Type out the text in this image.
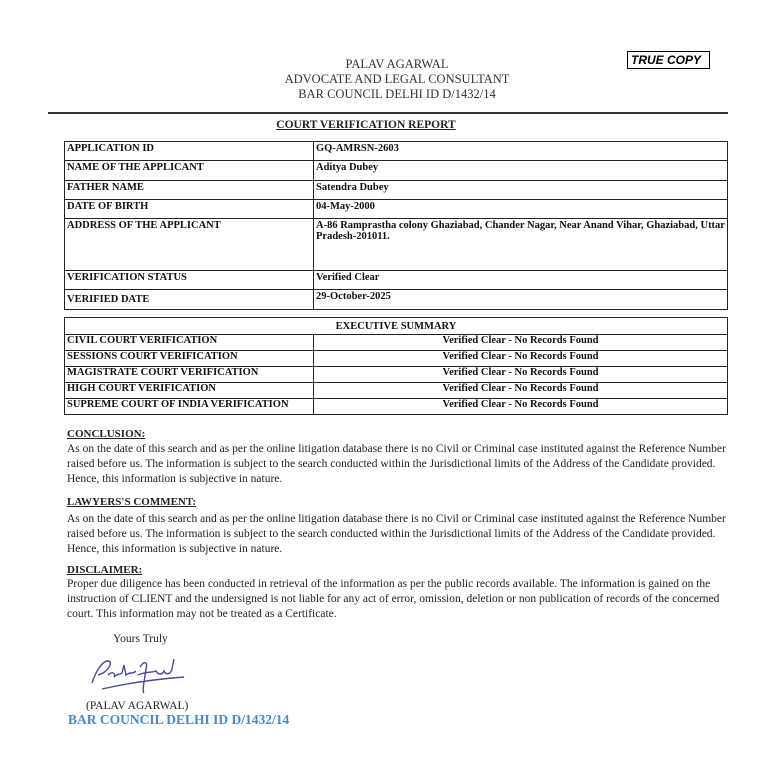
PALAV AGARWAL
ADVOCATE AND LEGAL CONSULTANT
BAR COUNCIL DELHI ID D/1432/14
TRUE COPY
COURT VERIFICATION REPORT
APPLICATION ID	GQ-AMRSN-2603
NAME OF THE APPLICANT	Aditya Dubey
FATHER NAME	Satendra Dubey
DATE OF BIRTH	04-May-2000
ADDRESS OF THE APPLICANT	A-86 Ramprastha colony Ghaziabad, Chander Nagar, Near Anand Vihar, Ghaziabad, Uttar Pradesh-201011.
VERIFICATION STATUS	Verified Clear
VERIFIED DATE	29-October-2025
EXECUTIVE SUMMARY	
CIVIL COURT VERIFICATION	Verified Clear - No Records Found
SESSIONS COURT VERIFICATION	Verified Clear - No Records Found
MAGISTRATE COURT VERIFICATION	Verified Clear - No Records Found
HIGH COURT VERIFICATION	Verified Clear - No Records Found
SUPREME COURT OF INDIA VERIFICATION	Verified Clear - No Records Found
CONCLUSION:
As on the date of this search and as per the online litigation database there is no Civil or Criminal case instituted against the Reference Number raised before us. The information is subject to the search conducted within the Jurisdictional limits of the Address of the Candidate provided. Hence, this information is subjective in nature.
LAWYERS'S COMMENT:
As on the date of this search and as per the online litigation database there is no Civil or Criminal case instituted against the Reference Number raised before us. The information is subject to the search conducted within the Jurisdictional limits of the Address of the Candidate provided. Hence, this information is subjective in nature.
DISCLAIMER:
Proper due diligence has been conducted in retrieval of the information as per the public records available. The information is gained on the instruction of CLIENT and the undersigned is not liable for any act of error, omission, deletion or non publication of records of the concerned court. This information may not be treated as a Certificate.
Yours Truly
(PALAV AGARWAL)
BAR COUNCIL DELHI ID D/1432/14
